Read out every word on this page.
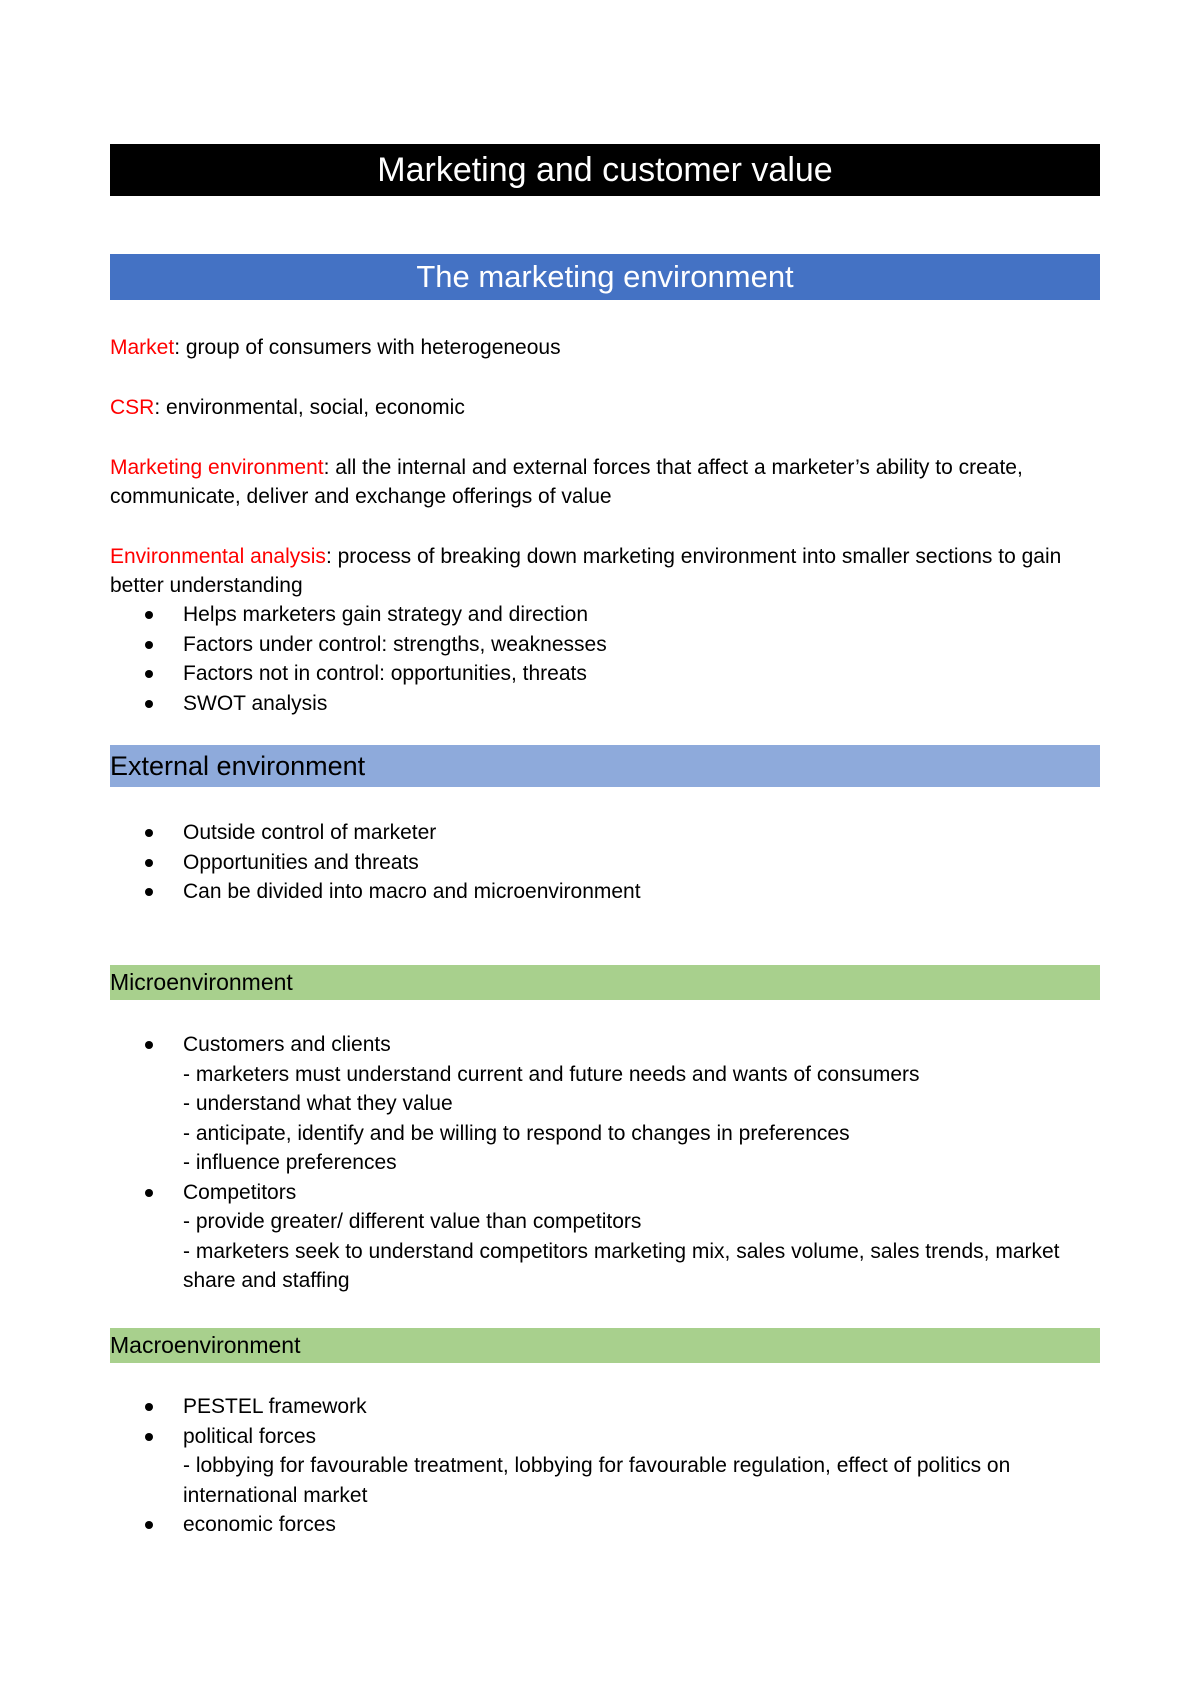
Marketing and customer value
The marketing environment
Market: group of consumers with heterogeneous
CSR: environmental, social, economic
Marketing environment: all the internal and external forces that affect a marketer’s ability to create, communicate, deliver and exchange offerings of value
Environmental analysis: process of breaking down marketing environment into smaller sections to gain better understanding
Helps marketers gain strategy and direction
Factors under control: strengths, weaknesses
Factors not in control: opportunities, threats
SWOT analysis
External environment
Outside control of marketer
Opportunities and threats
Can be divided into macro and microenvironment
Microenvironment
Customers and clients
- marketers must understand current and future needs and wants of consumers
- understand what they value
- anticipate, identify and be willing to respond to changes in preferences
- influence preferences
Competitors
- provide greater/ different value than competitors
- marketers seek to understand competitors marketing mix, sales volume, sales trends, market share and staffing
Macroenvironment
PESTEL framework
political forces
- lobbying for favourable treatment, lobbying for favourable regulation, effect of politics on international market
economic forces
